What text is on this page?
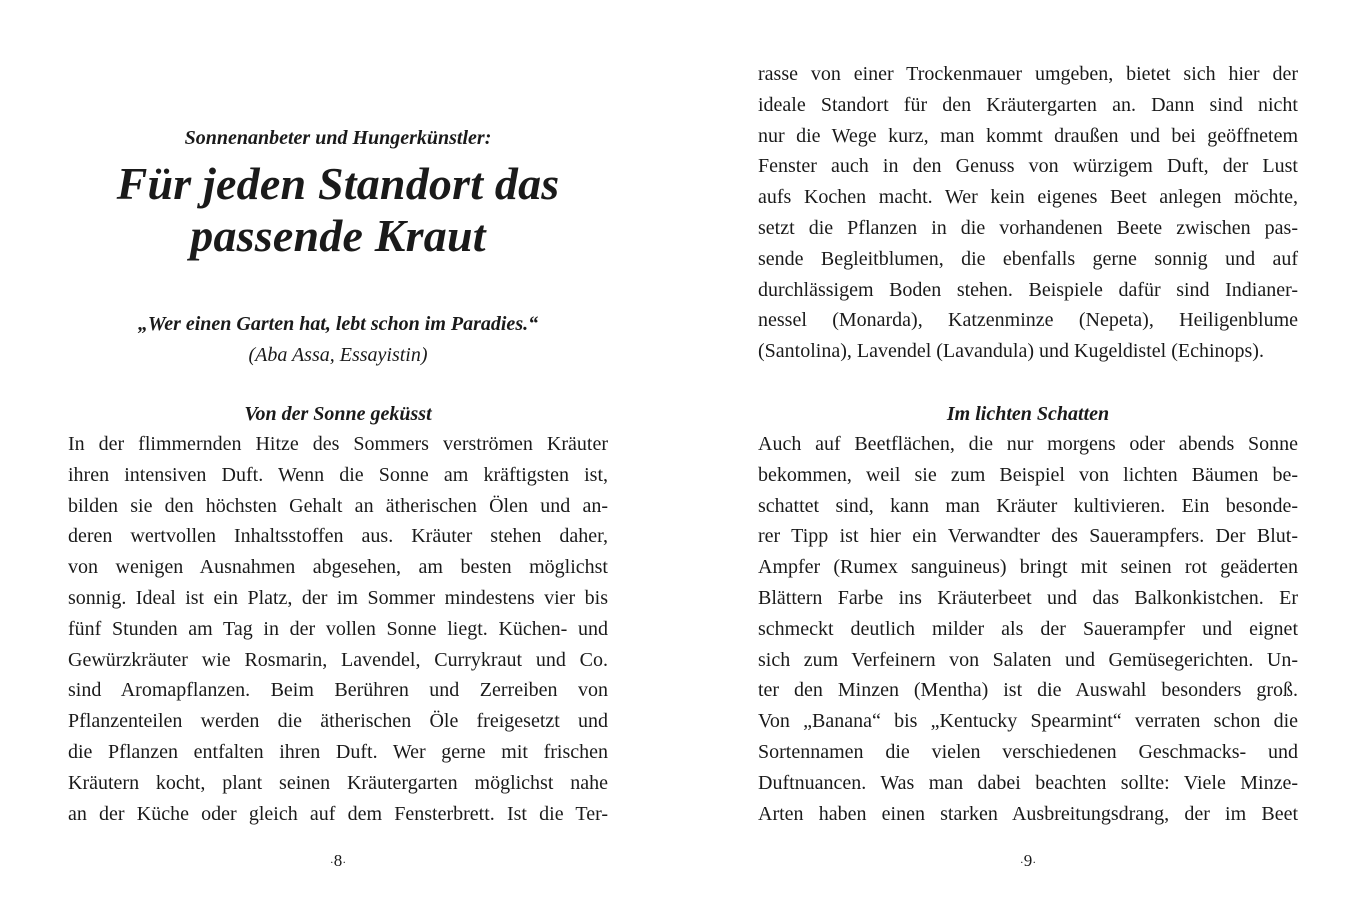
Sonnenanbeter und Hungerkünstler:
Für jeden Standort das
passende Kraut
„Wer einen Garten hat, lebt schon im Paradies.“
(Aba Assa, Essayistin)
Von der Sonne geküsst
In der flimmernden Hitze des Sommers verströmen Kräuter
ihren intensiven Duft. Wenn die Sonne am kräftigsten ist,
bilden sie den höchsten Gehalt an ätherischen Ölen und an-
deren wertvollen Inhaltsstoffen aus. Kräuter stehen daher,
von wenigen Ausnahmen abgesehen, am besten möglichst
sonnig. Ideal ist ein Platz, der im Sommer mindestens vier bis
fünf Stunden am Tag in der vollen Sonne liegt. Küchen- und
Gewürzkräuter wie Rosmarin, Lavendel, Currykraut und Co.
sind Aromapflanzen. Beim Berühren und Zerreiben von
Pflanzenteilen werden die ätherischen Öle freigesetzt und
die Pflanzen entfalten ihren Duft. Wer gerne mit frischen
Kräutern kocht, plant seinen Kräutergarten möglichst nahe
an der Küche oder gleich auf dem Fensterbrett. Ist die Ter-
·8·
rasse von einer Trockenmauer umgeben, bietet sich hier der
ideale Standort für den Kräutergarten an. Dann sind nicht
nur die Wege kurz, man kommt draußen und bei geöffnetem
Fenster auch in den Genuss von würzigem Duft, der Lust
aufs Kochen macht. Wer kein eigenes Beet anlegen möchte,
setzt die Pflanzen in die vorhandenen Beete zwischen pas-
sende Begleitblumen, die ebenfalls gerne sonnig und auf
durchlässigem Boden stehen. Beispiele dafür sind Indianer-
nessel (Monarda), Katzenminze (Nepeta), Heiligenblume
(Santolina), Lavendel (Lavandula) und Kugeldistel (Echinops).
Im lichten Schatten
Auch auf Beetflächen, die nur morgens oder abends Sonne
bekommen, weil sie zum Beispiel von lichten Bäumen be-
schattet sind, kann man Kräuter kultivieren. Ein besonde-
rer Tipp ist hier ein Verwandter des Sauerampfers. Der Blut-
Ampfer (Rumex sanguineus) bringt mit seinen rot geäderten
Blättern Farbe ins Kräuterbeet und das Balkonkistchen. Er
schmeckt deutlich milder als der Sauerampfer und eignet
sich zum Verfeinern von Salaten und Gemüsegerichten. Un-
ter den Minzen (Mentha) ist die Auswahl besonders groß.
Von „Banana“ bis „Kentucky Spearmint“ verraten schon die
Sortennamen die vielen verschiedenen Geschmacks- und
Duftnuancen. Was man dabei beachten sollte: Viele Minze-
Arten haben einen starken Ausbreitungsdrang, der im Beet
·9·
